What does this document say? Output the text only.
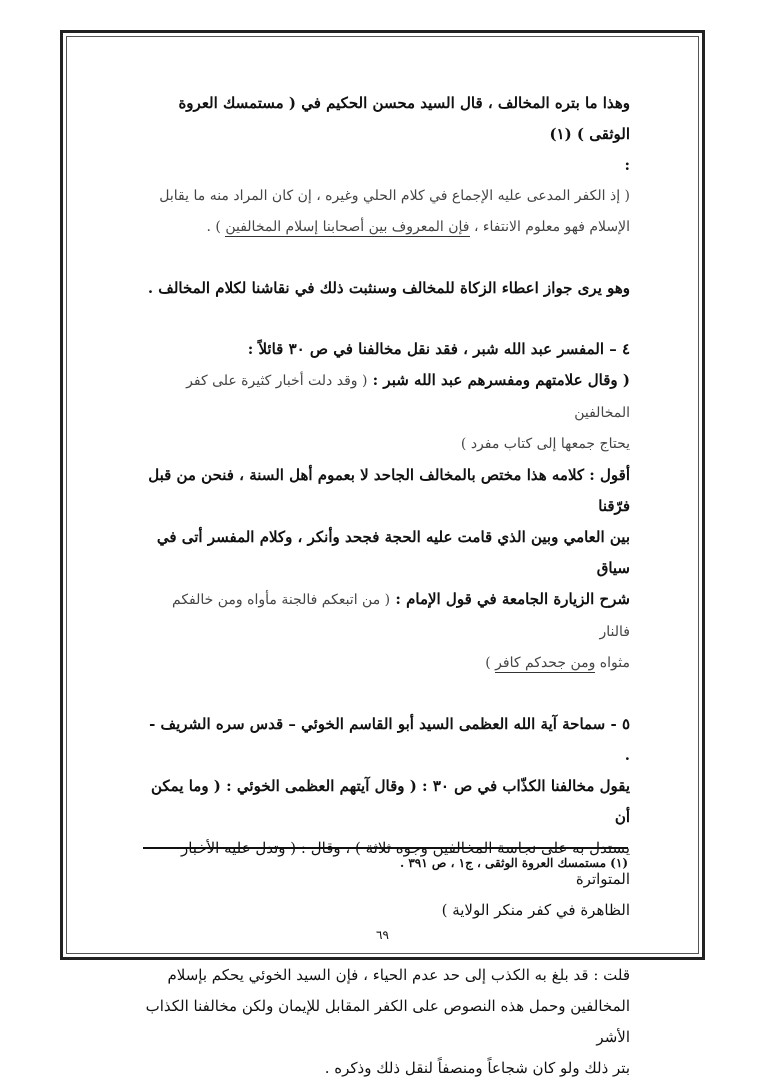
وهذا ما بتره المخالف ، قال السيد محسن الحكيم في ( مستمسك العروة الوثقى ) (١)

:

( إذ الكفر المدعى عليه الإجماع في كلام الحلي وغيره ، إن كان المراد منه ما يقابل

الإسلام فهو معلوم الانتفاء ، فإن المعروف بين أصحابنا إسلام المخالفين ) .

وهو يرى جواز اعطاء الزكاة للمخالف وسنثبت ذلك في نقاشنا لكلام المخالف .

٤ – المفسر عبد الله شبر ، فقد نقل مخالفنا في ص ٣٠ قائلاً :

( وقال علامتهم ومفسرهم عبد الله شبر : ( وقد دلت أخبار كثيرة على كفر المخالفين

يحتاج جمعها إلى كتاب مفرد )

أقول : كلامه هذا مختص بالمخالف الجاحد لا بعموم أهل السنة ، فنحن من قبل فرّقنا

بين العامي وبين الذي قامت عليه الحجة فجحد وأنكر ، وكلام المفسر أتى في سياق

شرح الزيارة الجامعة في قول الإمام : ( من اتبعكم فالجنة مأواه ومن خالفكم فالنار

مثواه ومن جحدكم كافر )

٥ - سماحة آية الله العظمى السيد أبو القاسم الخوئي – قدس سره الشريف - .

يقول مخالفنا الكذّاب في ص ٣٠ : ( وقال آيتهم العظمى الخوئي : ( وما يمكن أن

يستدل به على نجاسة المخالفين وجوه ثلاثة ) ، وقال : ( وتدل عليه الأخبار المتواترة

الظاهرة في كفر منكر الولاية )

قلت : قد بلغ به الكذب إلى حد عدم الحياء ، فإن السيد الخوئي يحكم بإسلام

المخالفين وحمل هذه النصوص على الكفر المقابل للإيمان ولكن مخالفنا الكذاب الأشر

بتر ذلك ولو كان شجاعاً ومنصفاً لنقل ذلك وذكره .

(١) مستمسك العروة الوثقى ، ج١ ، ص ٣٩١ .
٦٩
